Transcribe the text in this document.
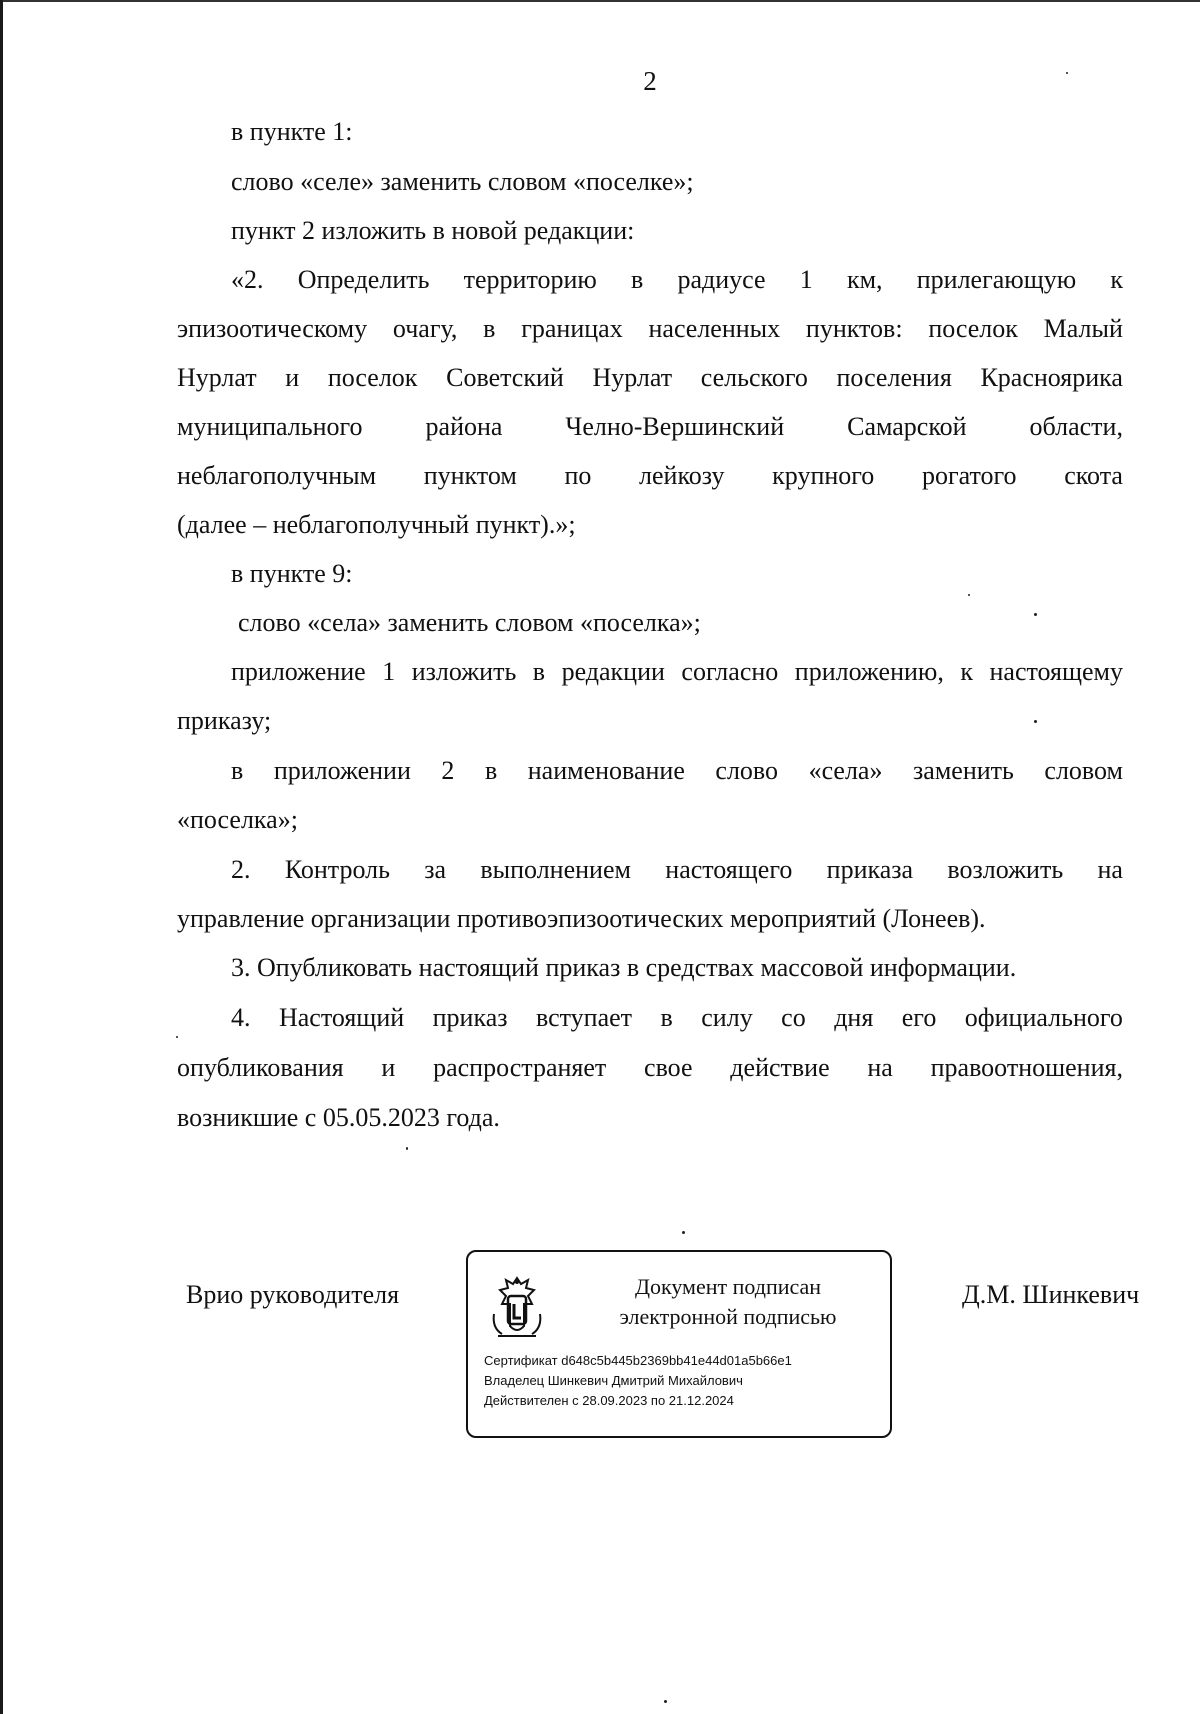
2
в пункте 1:
слово «селе» заменить словом «поселке»;
пункт 2 изложить в новой редакции:
«2. Определить территорию в радиусе 1 км, прилегающую к
эпизоотическому очагу, в границах населенных пунктов: поселок Малый
Нурлат и поселок Советский Нурлат сельского поселения Красноярика
муниципального района Челно-Вершинский Самарской области,
неблагополучным пунктом по лейкозу крупного рогатого скота
(далее – неблагополучный пункт).»;
в пункте 9:
слово «села» заменить словом «поселка»;
приложение 1 изложить в редакции согласно приложению, к настоящему
приказу;
в приложении 2 в наименование слово «села» заменить словом
«поселка»;
2. Контроль за выполнением настоящего приказа возложить на
управление организации противоэпизоотических мероприятий (Лонеев).
3. Опубликовать настоящий приказ в средствах массовой информации.
4. Настоящий приказ вступает в силу со дня его официального
опубликования и распространяет свое действие на правоотношения,
возникшие с 05.05.2023 года.
Врио руководителя	Документ подписан
электронной подписью
Сертификат d648c5b445b2369bb41e44d01a5b66e1
Владелец Шинкевич Дмитрий Михайлович
Действителен с 28.09.2023 по 21.12.2024
Д.М. Шинкевич
